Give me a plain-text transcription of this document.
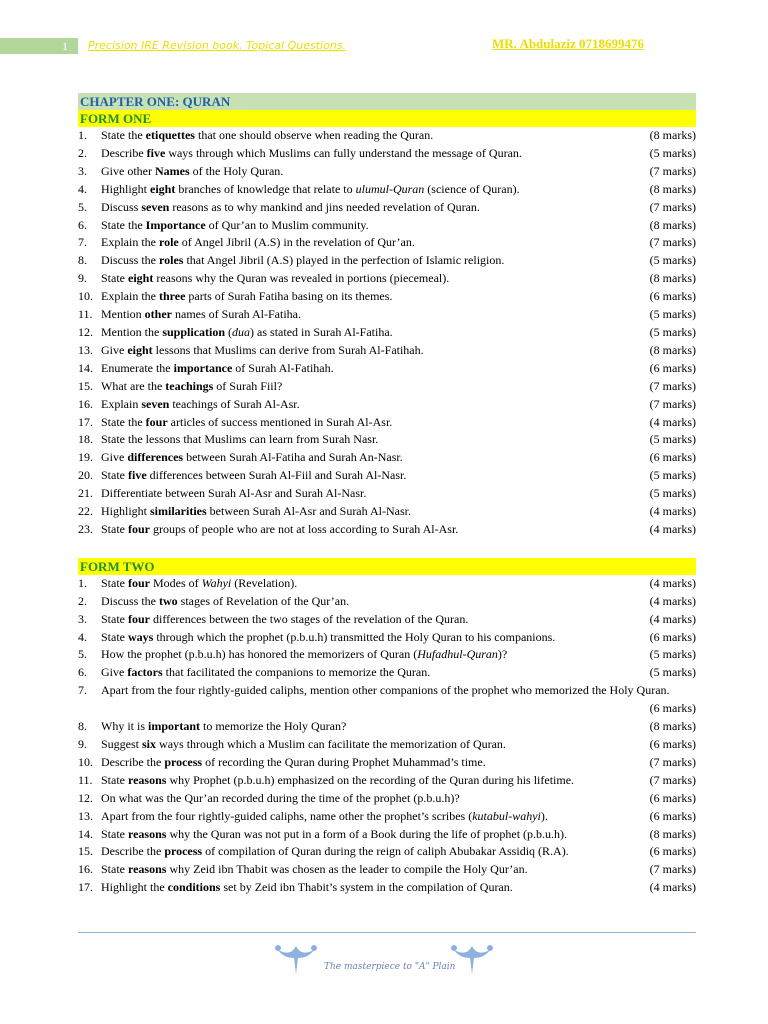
1 Precision IRE Revision book. Topical Questions.	MR. Abdulaziz 0718699476
CHAPTER ONE: QURAN
FORM ONE
1.	State the etiquettes that one should observe when reading the Quran.	(8 marks)
2.	Describe five ways through which Muslims can fully understand the message of Quran.	(5 marks)
3.	Give other Names of the Holy Quran.	(7 marks)
4.	Highlight eight branches of knowledge that relate to ulumul-Quran (science of Quran).	(8 marks)
5.	Discuss seven reasons as to why mankind and jins needed revelation of Quran.	(7 marks)
6.	State the Importance of Qur’an to Muslim community.	(8 marks)
7.	Explain the role of Angel Jibril (A.S) in the revelation of Qur’an.	(7 marks)
8.	Discuss the roles that Angel Jibril (A.S) played in the perfection of Islamic religion.	(5 marks)
9.	State eight reasons why the Quran was revealed in portions (piecemeal).	(8 marks)
10. Explain the three parts of Surah Fatiha basing on its themes.	(6 marks)
11. Mention other names of Surah Al-Fatiha.	(5 marks)
12. Mention the supplication (dua) as stated in Surah Al-Fatiha.	(5 marks)
13. Give eight lessons that Muslims can derive from Surah Al-Fatihah.	(8 marks)
14. Enumerate the importance of Surah Al-Fatihah.	(6 marks)
15. What are the teachings of Surah Fiil?	(7 marks)
16. Explain seven teachings of Surah Al-Asr.	(7 marks)
17. State the four articles of success mentioned in Surah Al-Asr.	(4 marks)
18. State the lessons that Muslims can learn from Surah Nasr.	(5 marks)
19. Give differences between Surah Al-Fatiha and Surah An-Nasr.	(6 marks)
20. State five differences between Surah Al-Fiil and Surah Al-Nasr.	(5 marks)
21. Differentiate between Surah Al-Asr and Surah Al-Nasr.	(5 marks)
22. Highlight similarities between Surah Al-Asr and Surah Al-Nasr.	(4 marks)
23. State four groups of people who are not at loss according to Surah Al-Asr.	(4 marks)
FORM TWO
1.	State four Modes of Wahyi (Revelation).	(4 marks)
2.	Discuss the two stages of Revelation of the Qur’an.	(4 marks)
3.	State four differences between the two stages of the revelation of the Quran.	(4 marks)
4.	State ways through which the prophet (p.b.u.h) transmitted the Holy Quran to his companions.	(6 marks)
5.	How the prophet (p.b.u.h) has honored the memorizers of Quran (Hufadhul-Quran)?	(5 marks)
6.	Give factors that facilitated the companions to memorize the Quran.	(5 marks)
7.	Apart from the four rightly-guided caliphs, mention other companions of the prophet who memorized the Holy Quran.
(6 marks)
8.	Why it is important to memorize the Holy Quran?	(8 marks)
9.	Suggest six ways through which a Muslim can facilitate the memorization of Quran.	(6 marks)
10. Describe the process of recording the Quran during Prophet Muhammad’s time.	(7 marks)
11. State reasons why Prophet (p.b.u.h) emphasized on the recording of the Quran during his lifetime.	(7 marks)
12. On what was the Qur’an recorded during the time of the prophet (p.b.u.h)?	(6 marks)
13. Apart from the four rightly-guided caliphs, name other the prophet’s scribes (kutabul-wahyi).	(6 marks)
14. State reasons why the Quran was not put in a form of a Book during the life of prophet (p.b.u.h).	(8 marks)
15. Describe the process of compilation of Quran during the reign of caliph Abubakar Assidiq (R.A).	(6 marks)
16. State reasons why Zeid ibn Thabit was chosen as the leader to compile the Holy Qur’an.	(7 marks)
17. Highlight the conditions set by Zeid ibn Thabit’s system in the compilation of Quran.	(4 marks)
The masterpiece to "A" Plain
